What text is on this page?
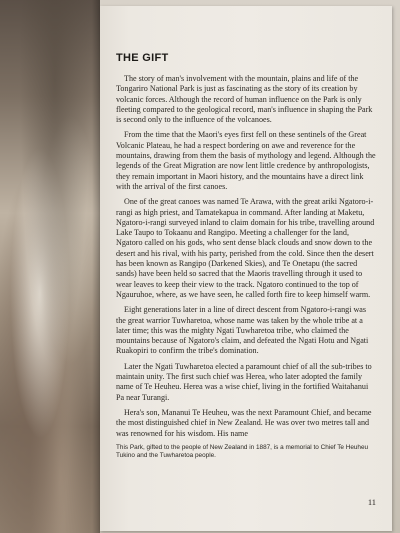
THE GIFT

The story of man's involvement with the mountain, plains and life of the Tongariro National Park is just as fascinating as the story of its creation by volcanic forces. Although the record of human influence on the Park is only fleeting compared to the geological record, man's influence in shaping the Park is second only to the influence of the volcanoes.

From the time that the Maori's eyes first fell on these sentinels of the Great Volcanic Plateau, he had a respect bordering on awe and reverence for the mountains, drawing from them the basis of mythology and legend. Although the legends of the Great Migration are now lent little credence by anthropologists, they remain important in Maori history, and the mountains have a direct link with the arrival of the first canoes.

One of the great canoes was named Te Arawa, with the great ariki Ngatoro-i-rangi as high priest, and Tamatekapua in command. After landing at Maketu, Ngatoro-i-rangi surveyed inland to claim domain for his tribe, travelling around Lake Taupo to Tokaanu and Rangipo. Meeting a challenger for the land, Ngatoro called on his gods, who sent dense black clouds and snow down to the desert and his rival, with his party, perished from the cold. Since then the desert has been known as Rangipo (Darkened Skies), and Te Onetapu (the sacred sands) have been held so sacred that the Maoris travelling through it used to wear leaves to keep their view to the track. Ngatoro continued to the top of Ngauruhoe, where, as we have seen, he called forth fire to keep himself warm.

Eight generations later in a line of direct descent from Ngatoro-i-rangi was the great warrior Tuwharetoa, whose name was taken by the whole tribe at a later time; this was the mighty Ngati Tuwharetoa tribe, who claimed the mountains because of Ngatoro's claim, and defeated the Ngati Hotu and Ngati Ruakopiri to confirm the tribe's domination.

Later the Ngati Tuwharetoa elected a paramount chief of all the sub-tribes to maintain unity. The first such chief was Herea, who later adopted the family name of Te Heuheu. Herea was a wise chief, living in the fortified Waitahanui Pa near Turangi.

Hera's son, Mananui Te Heuheu, was the next Paramount Chief, and became the most distinguished chief in New Zealand. He was over two metres tall and was renowned for his wisdom. His name

This Park, gifted to the people of New Zealand in 1887, is a memorial to Chief Te Heuheu Tukino and the Tuwharetoa people.

11
